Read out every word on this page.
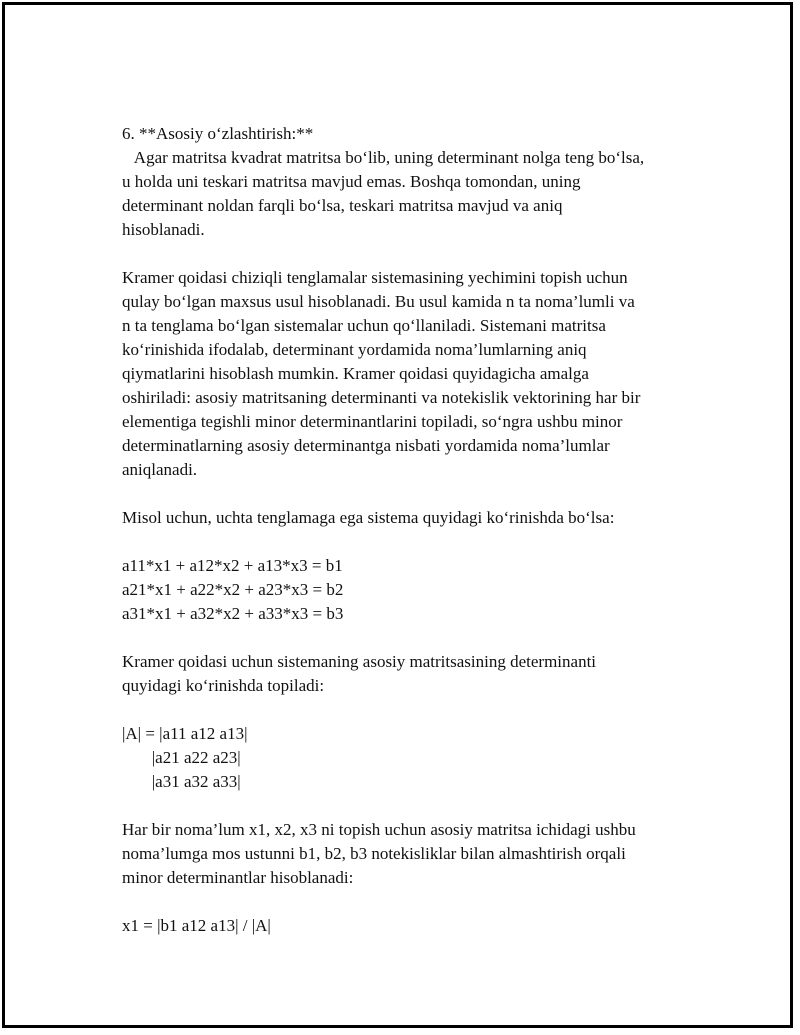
6. **Asosiy o‘zlashtirish:**
Agar matritsa kvadrat matritsa bo‘lib, uning determinant nolga teng bo‘lsa,
u holda uni teskari matritsa mavjud emas. Boshqa tomondan, uning
determinant noldan farqli bo‘lsa, teskari matritsa mavjud va aniq
hisoblanadi.
Kramer qoidasi chiziqli tenglamalar sistemasining yechimini topish uchun
qulay bo‘lgan maxsus usul hisoblanadi. Bu usul kamida n ta noma’lumli va
n ta tenglama bo‘lgan sistemalar uchun qo‘llaniladi. Sistemani matritsa
ko‘rinishida ifodalab, determinant yordamida noma’lumlarning aniq
qiymatlarini hisoblash mumkin. Kramer qoidasi quyidagicha amalga
oshiriladi: asosiy matritsaning determinanti va notekislik vektorining har bir
elementiga tegishli minor determinantlarini topiladi, so‘ngra ushbu minor
determinatlarning asosiy determinantga nisbati yordamida noma’lumlar
aniqlanadi.
Misol uchun, uchta tenglamaga ega sistema quyidagi ko‘rinishda bo‘lsa:
a11*x1 + a12*x2 + a13*x3 = b1
a21*x1 + a22*x2 + a23*x3 = b2
a31*x1 + a32*x2 + a33*x3 = b3
Kramer qoidasi uchun sistemaning asosiy matritsasining determinanti
quyidagi ko‘rinishda topiladi:
|A| = |a11 a12 a13|
|a21 a22 a23|
|a31 a32 a33|
Har bir noma’lum x1, x2, x3 ni topish uchun asosiy matritsa ichidagi ushbu
noma’lumga mos ustunni b1, b2, b3 notekisliklar bilan almashtirish orqali
minor determinantlar hisoblanadi:
x1 = |b1 a12 a13| / |A|
